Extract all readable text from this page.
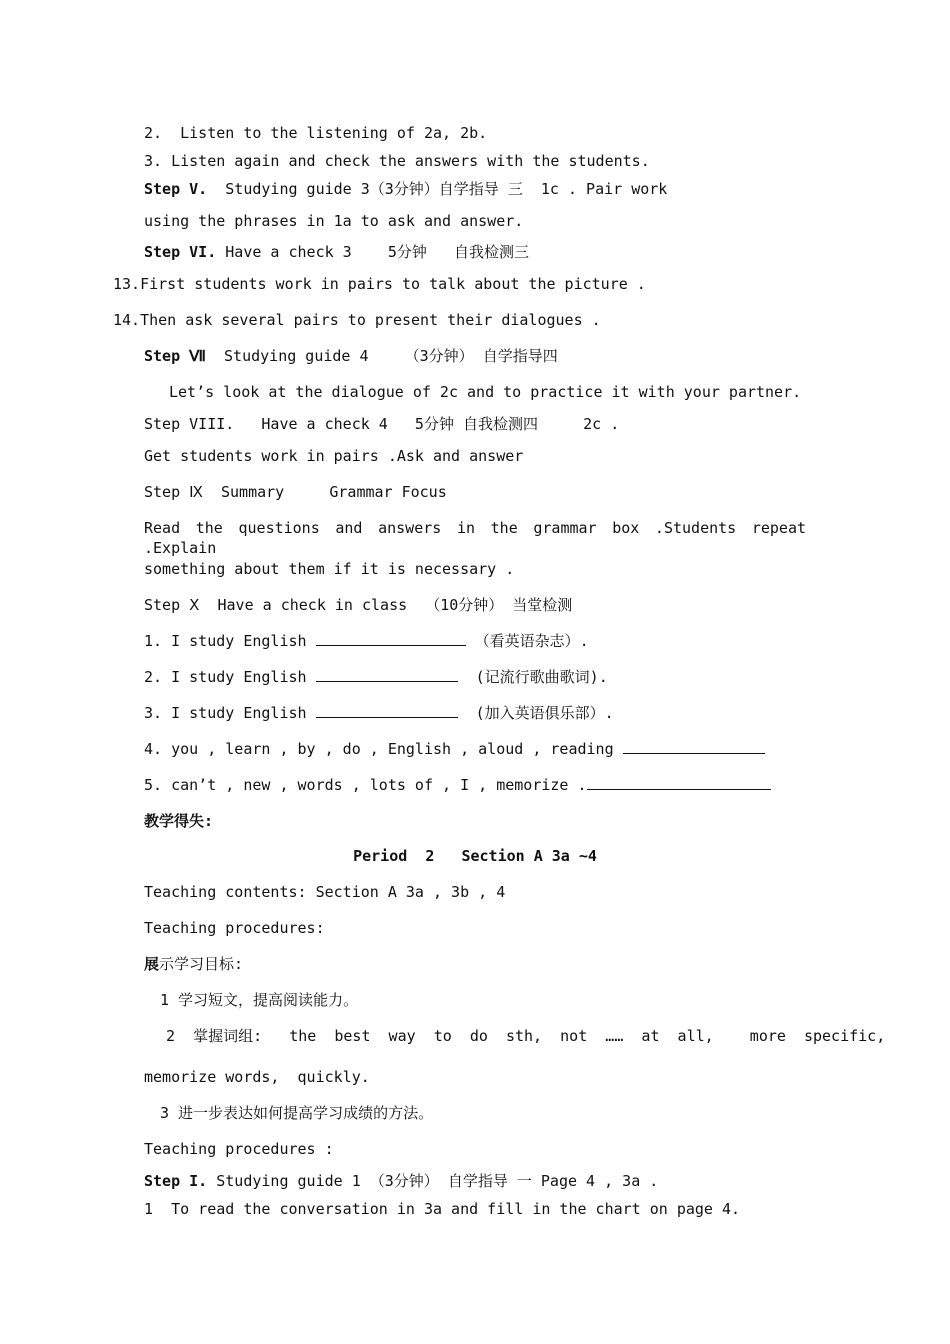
2.  Listen to the listening of 2a, 2b.
3. Listen again and check the answers with the students.
Step V.  Studying guide 3（3分钟）自学指导 三  1c . Pair work
using the phrases in 1a to ask and answer.
Step VI. Have a check 3    5分钟   自我检测三
13.First students work in pairs to talk about the picture .
14.Then ask several pairs to present their dialogues .
Step Ⅶ  Studying guide 4    （3分钟） 自学指导四
Let’s look at the dialogue of 2c and to practice it with your partner.
Step VIII.   Have a check 4   5分钟 自我检测四     2c .
Get students work in pairs .Ask and answer
Step Ⅸ  Summary     Grammar Focus
Read the questions and answers in the grammar box .Students repeat .Explain
something about them if it is necessary .
Step Ⅹ  Have a check in class  （10分钟） 当堂检测
1. I study English	（看英语杂志）.
2. I study English	(记流行歌曲歌词).
3. I study English	(加入英语俱乐部）.
4. you , learn , by , do , English , aloud , reading
5. can’t , new , words , lots of , I , memorize .
教学得失:
Period  2   Section A 3a ~4
Teaching contents: Section A 3a , 3b , 4
Teaching procedures:
展示学习目标:
1 学习短文，提高阅读能力。
2  掌握词组:   the  best  way  to  do  sth,  not  ……  at  all,    more  specific,
memorize words,  quickly.
3 进一步表达如何提高学习成绩的方法。
Teaching procedures :
Step I. Studying guide 1 （3分钟） 自学指导 一 Page 4 , 3a .
1  To read the conversation in 3a and fill in the chart on page 4.
